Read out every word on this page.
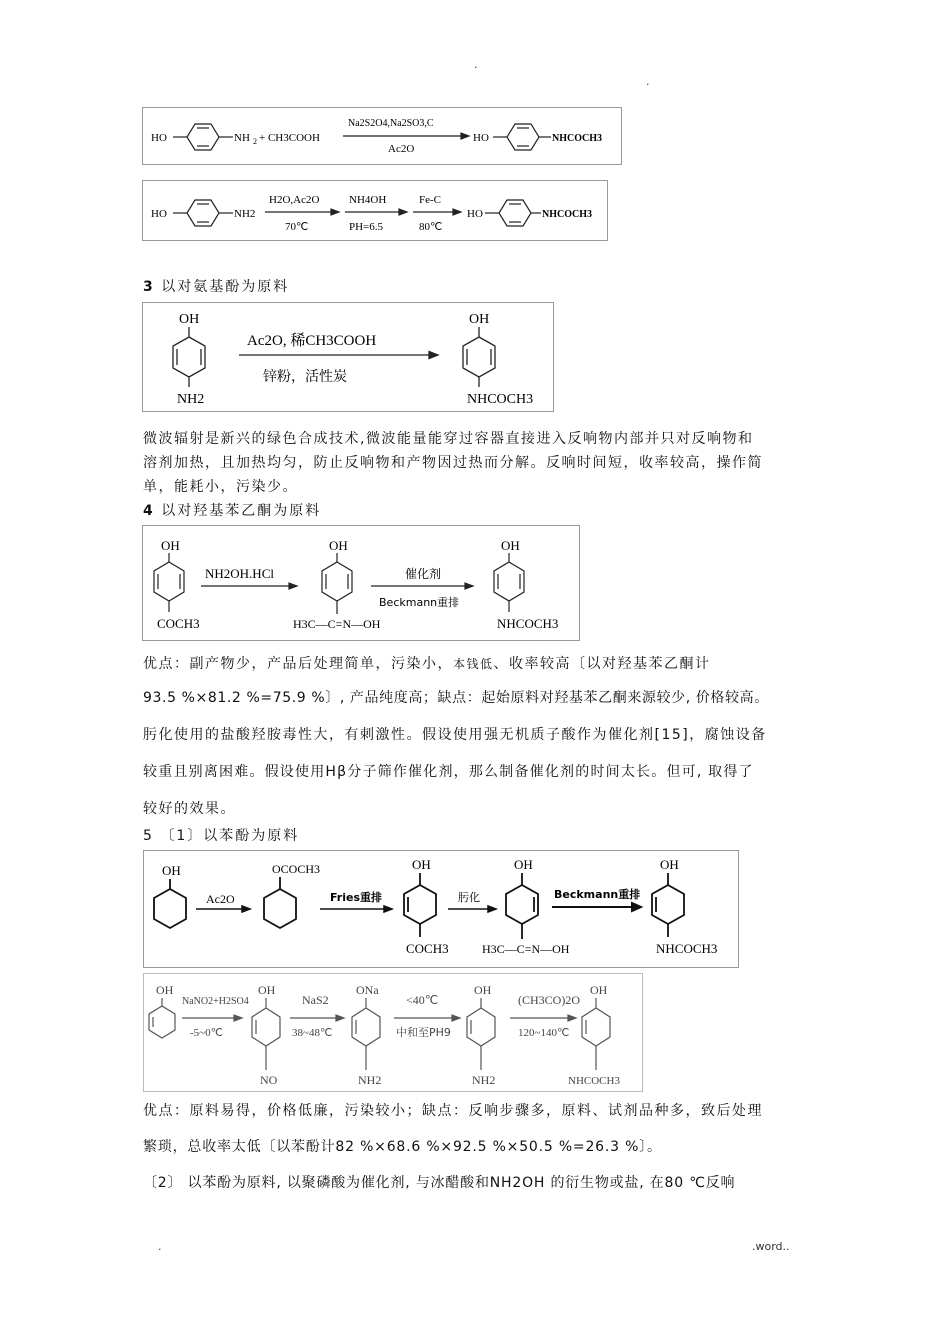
.
.
HO	NH 2 + CH3COOH
Na2S2O4,Na2SO3,C
Ac2O
HO	NHCOCH3
HO	NH2
H2O,Ac2O
70℃
NH4OH
PH=6.5
Fe-C
80℃
HO	NHCOCH3
3 以对氨基酚为原料
OH
NH2
Ac2O, 稀CH3COOH
锌粉，活性炭
OH
NHCOCH3
微波辐射是新兴的绿色合成技术,微波能量能穿过容器直接进入反响物内部并只对反响物和
溶剂加热，且加热均匀，防止反响物和产物因过热而分解。反响时间短，收率较高，操作简
单，能耗小，污染少。
4 以对羟基苯乙酮为原料
OH
COCH3
NH2OH.HCl
OH
H3C—C=N—OH
催化剂
Beckmann重排
OH
NHCOCH3
优点：副产物少，产品后处理简单，污染小，本钱低、收率较高〔以对羟基苯乙酮计
93.5 %×81.2 %=75.9 %〕, 产品纯度高；缺点：起始原料对羟基苯乙酮来源较少, 价格较高。
肟化使用的盐酸羟胺毒性大，有刺激性。假设使用强无机质子酸作为催化剂[15]，腐蚀设备
较重且别离困难。假设使用Hβ分子筛作催化剂，那么制备催化剂的时间太长。但可, 取得了
较好的效果。
5 〔1〕以苯酚为原料
OH
Ac2O
OCOCH3
Fries重排
OH
COCH3
肟化
OH
H3C—C=N—OH
Beckmann重排
OH
NHCOCH3
OH
NaNO2+H2SO4
-5~0℃
OH
NO
NaS2
38~48℃
ONa
NH2
<40℃
中和至PH9
OH
NH2
(CH3CO)2O
120~140℃
OH
NHCOCH3
优点：原料易得，价格低廉，污染较小；缺点：反响步骤多，原料、试剂品种多，致后处理
繁琐，总收率太低〔以苯酚计82 %×68.6 %×92.5 %×50.5 %=26.3 %〕。
〔2〕 以苯酚为原料, 以聚磷酸为催化剂, 与冰醋酸和NH2OH 的衍生物或盐, 在80 ℃反响
.	.word..
